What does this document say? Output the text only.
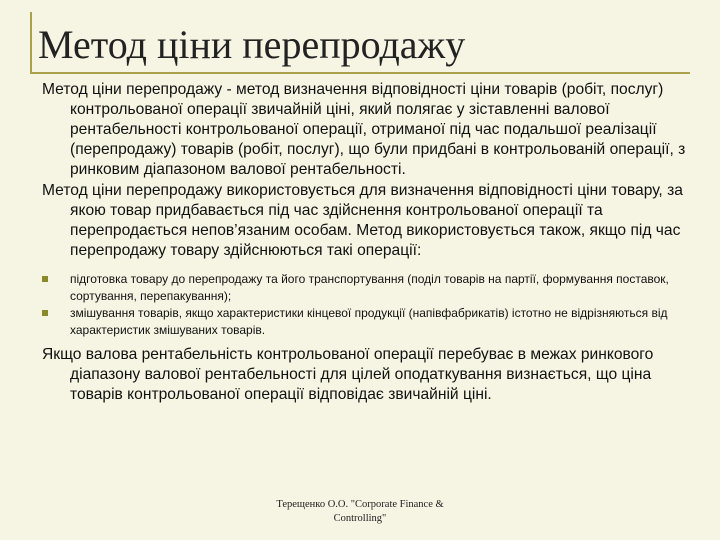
Метод ціни перепродажу

Метод ціни перепродажу - метод визначення відповідності ціни товарів (робіт, послуг) контрольованої операції звичайній ціні, який полягає у зіставленні валової рентабельності контрольованої операції, отриманої під час подальшої реалізації (перепродажу) товарів (робіт, послуг), що були придбані в контрольованій операції, з ринковим діапазоном валової рентабельності.

Метод ціни перепродажу використовується для визначення відповідності ціни товару, за якою товар придбавається під час здійснення контрольованої операції та перепродається непов’язаним особам. Метод використовується також, якщо під час перепродажу товару здійснюються такі операції:

підготовка товару до перепродажу та його транспортування (поділ товарів на партії, формування поставок, сортування, перепакування);
змішування товарів, якщо характеристики кінцевої продукції (напівфабрикатів) істотно не відрізняються від характеристик змішуваних товарів.

Якщо валова рентабельність контрольованої операції перебуває в межах ринкового діапазону валової рентабельності для цілей оподаткування визнається, що ціна товарів контрольованої операції відповідає звичайній ціні.

Терещенко О.О. "Corporate Finance &
Controlling"
